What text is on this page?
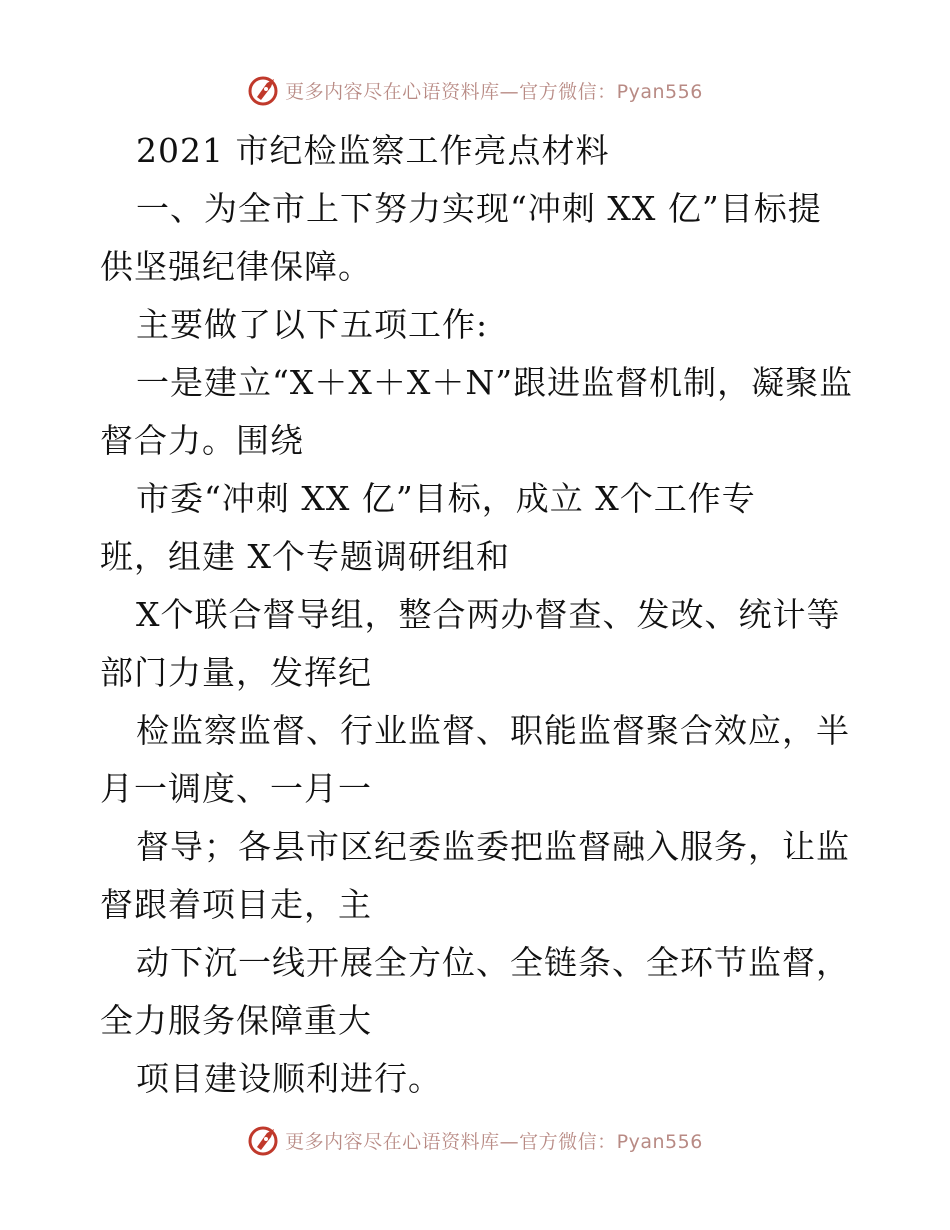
更多内容尽在心语资料库—官方微信：Pyan556
2021 市纪检监察工作亮点材料
一、为全市上下努力实现“冲刺 XX 亿”目标提
供坚强纪律保障。
主要做了以下五项工作:
一是建立“X＋X＋X＋N”跟进监督机制，凝聚监
督合力。围绕
市委“冲刺 XX 亿”目标，成立 X个工作专
班，组建 X个专题调研组和
X个联合督导组，整合两办督查、发改、统计等
部门力量，发挥纪
检监察监督、行业监督、职能监督聚合效应，半
月一调度、一月一
督导；各县市区纪委监委把监督融入服务，让监
督跟着项目走，主
动下沉一线开展全方位、全链条、全环节监督，
全力服务保障重大
项目建设顺利进行。
更多内容尽在心语资料库—官方微信：Pyan556
